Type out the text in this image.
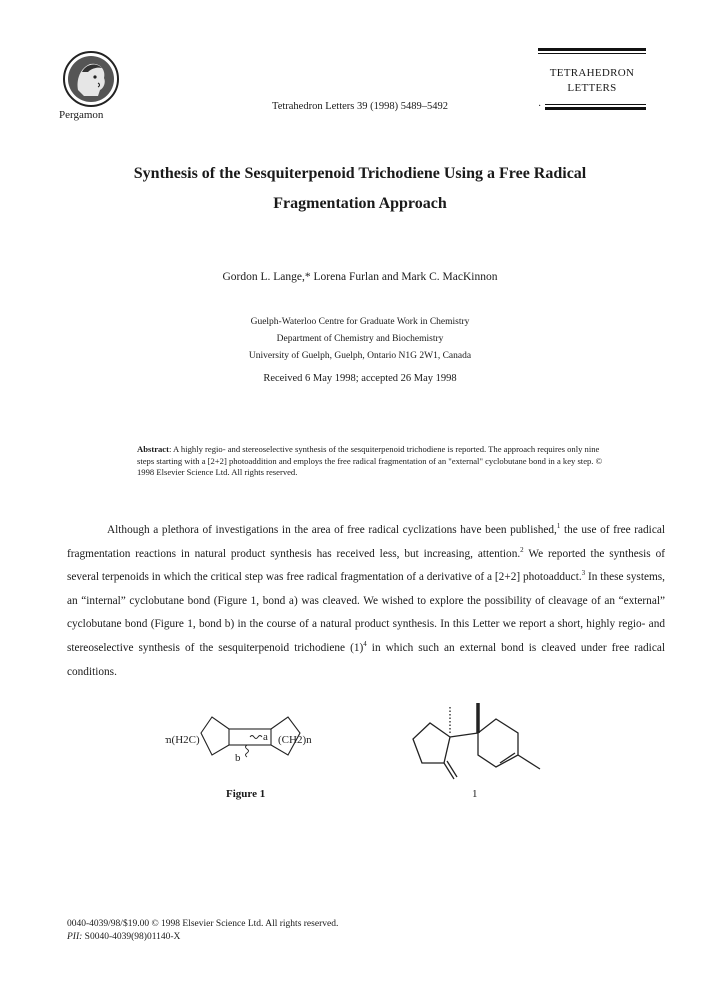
Pergamon
Tetrahedron Letters 39 (1998) 5489–5492
TETRAHEDRON
LETTERS
·
Synthesis of the Sesquiterpenoid Trichodiene Using a Free Radical
Fragmentation Approach
Gordon L. Lange,* Lorena Furlan and Mark C. MacKinnon
Guelph-Waterloo Centre for Graduate Work in Chemistry
Department of Chemistry and Biochemistry
University of Guelph, Guelph, Ontario N1G 2W1, Canada
Received 6 May 1998; accepted 26 May 1998
Abstract: A highly regio- and stereoselective synthesis of the sesquiterpenoid trichodiene is reported. The approach requires only nine steps starting with a [2+2] photoaddition and employs the free radical fragmentation of an "external" cyclobutane bond in a key step. © 1998 Elsevier Science Ltd. All rights reserved.
Although a plethora of investigations in the area of free radical cyclizations have been published,$^1$ the use of free radical fragmentation reactions in natural product synthesis has received less, but increasing, attention.$^2$ We reported the synthesis of several terpenoids in which the critical step was free radical fragmentation of a derivative of a [2+2] photoadduct.$^3$ In these systems, an “internal” cyclobutane bond (Figure 1, bond a) was cleaved. We wished to explore the possibility of cleavage of an “external” cyclobutane bond (Figure 1, bond b) in the course of a natural product synthesis. In this Letter we report a short, highly regio- and stereoselective synthesis of the sesquiterpenoid trichodiene $(1)^4$ in which such an external bond is cleaved under free radical conditions.
m(H2C)	a (CH2)n
b
Figure 1	1
0040-4039/98/$19.00 © 1998 Elsevier Science Ltd. All rights reserved.
PII: S0040-4039(98)01140-X
